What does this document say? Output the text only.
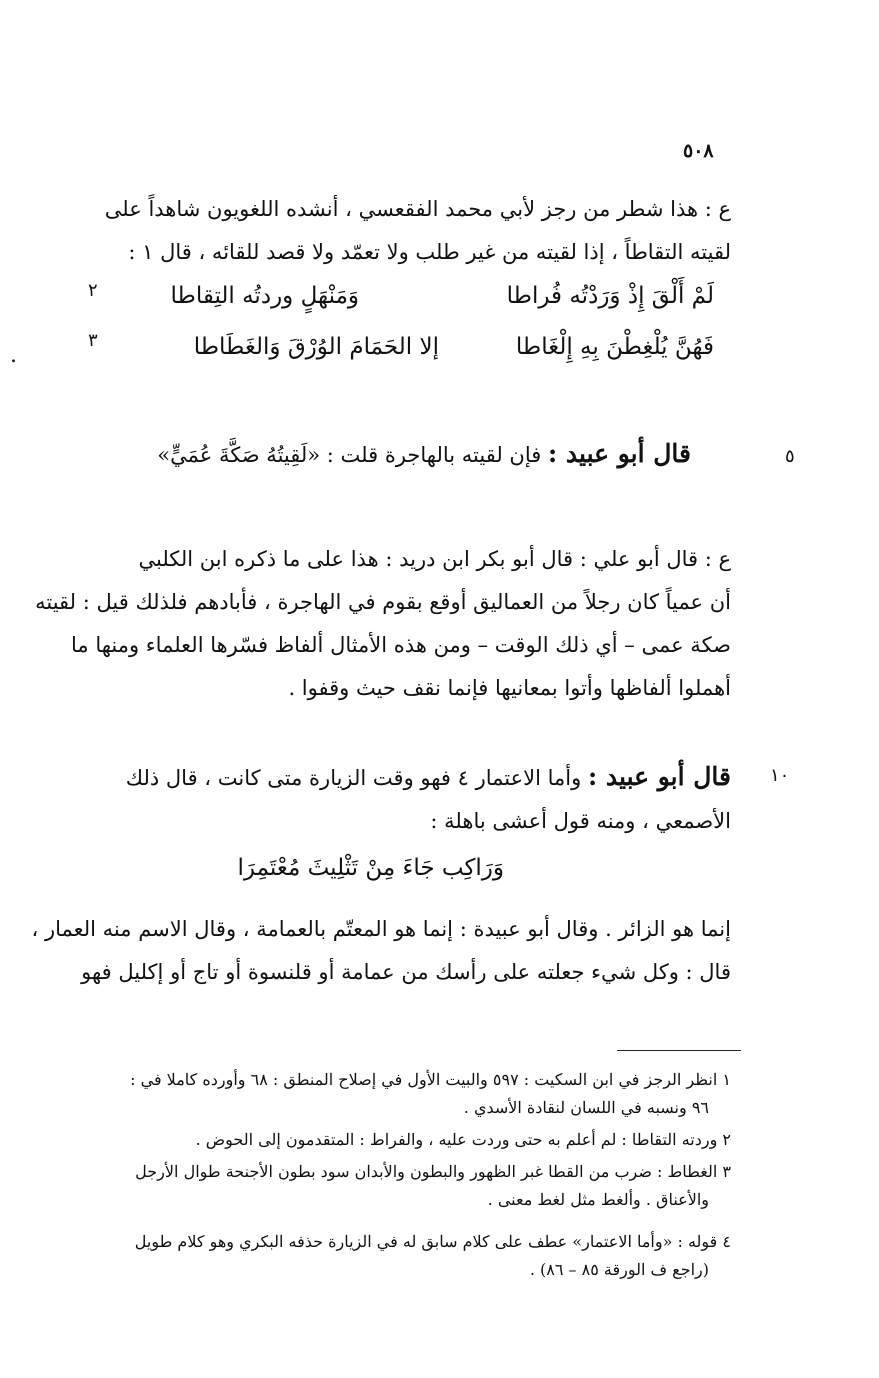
٥٠٨
ع : هذا شطر من رجز لأبي محمد الفقعسي ، أنشده اللغويون شاهداً على
لقيته التقاطاً ، إذا لقيته من غير طلب ولا تعمّد ولا قصد للقائه ، قال ١ :
وَمَنْهَلٍ وردتُه التِقاطا	لَمْ أَلْقَ إِذْ وَرَدْتُه فُراطا
٢
إلا الحَمَامَ الوُرْقَ وَالغَطَاطا	فَهُنَّ يُلْغِطْنَ بِهِ إِلْغَاطا
٣
.
قال أبو عبيد : فإن لقيته بالهاجرة قلت : «لَقِيتُهُ صَكَّةَ عُمَيٍّ»	٥
ع : قال أبو علي : قال أبو بكر ابن دريد : هذا على ما ذكره ابن الكلبي
أن عمياً كان رجلاً من العماليق أوقع بقوم في الهاجرة ، فأبادهم فلذلك قيل : لقيته
صكة عمى – أي ذلك الوقت – ومن هذه الأمثال ألفاظ فسّرها العلماء ومنها ما
أهملوا ألفاظها وأتوا بمعانيها فإنما نقف حيث وقفوا .
قال أبو عبيد : وأما الاعتمار ٤ فهو وقت الزيارة متى كانت ، قال ذلك
الأصمعي ، ومنه قول أعشى باهلة :
١٠
وَرَاكِب جَاءَ مِنْ تَثْلِيثَ مُعْتَمِرَا
إنما هو الزائر . وقال أبو عبيدة : إنما هو المعتّم بالعمامة ، وقال الاسم منه العمار ،
قال : وكل شيء جعلته على رأسك من عمامة أو قلنسوة أو تاج أو إكليل فهو
١ انظر الرجز في ابن السكيت : ٥٩٧ والبيت الأول في إصلاح المنطق : ٦٨ وأورده كاملا في :
٩٦ ونسبه في اللسان لنقادة الأسدي .
٢ وردته التقاطا : لم أعلم به حتى وردت عليه ، والفراط : المتقدمون إلى الحوض .
٣ الغطاط : ضرب من القطا غبر الظهور والبطون والأبدان سود بطون الأجنحة طوال الأرجل
والأعناق . وألغط مثل لغط معنى .
٤ قوله : «وأما الاعتمار» عطف على كلام سابق له في الزيارة حذفه البكري وهو كلام طويل
(راجع ف الورقة ٨٥ – ٨٦) .
